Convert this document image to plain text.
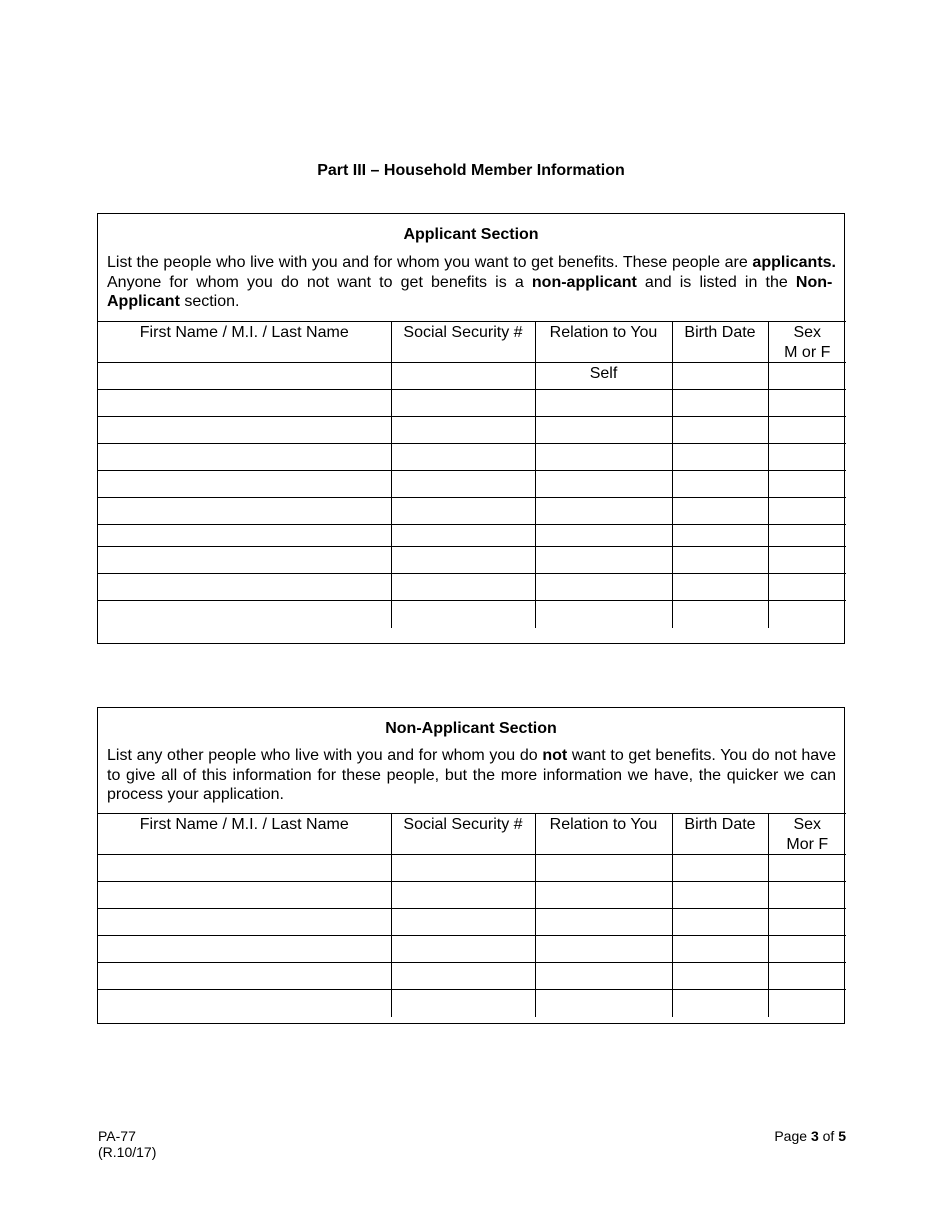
Part III – Household Member Information
Applicant Section
List the people who live with you and for whom you want to get benefits. These people are applicants. Anyone for whom you do not want to get benefits is a non-applicant and is listed in the Non-Applicant section.
First Name / M.I. / Last Name	Social Security #	Relation to You	Birth Date	Sex
M or F
		Self		

Non-Applicant Section
List any other people who live with you and for whom you do not want to get benefits. You do not have to give all of this information for these people, but the more information we have, the quicker we can process your application.
First Name / M.I. / Last Name	Social Security #	Relation to You	Birth Date	Sex
Mor F

PA-77
(R.10/17)
Page 3 of 5
